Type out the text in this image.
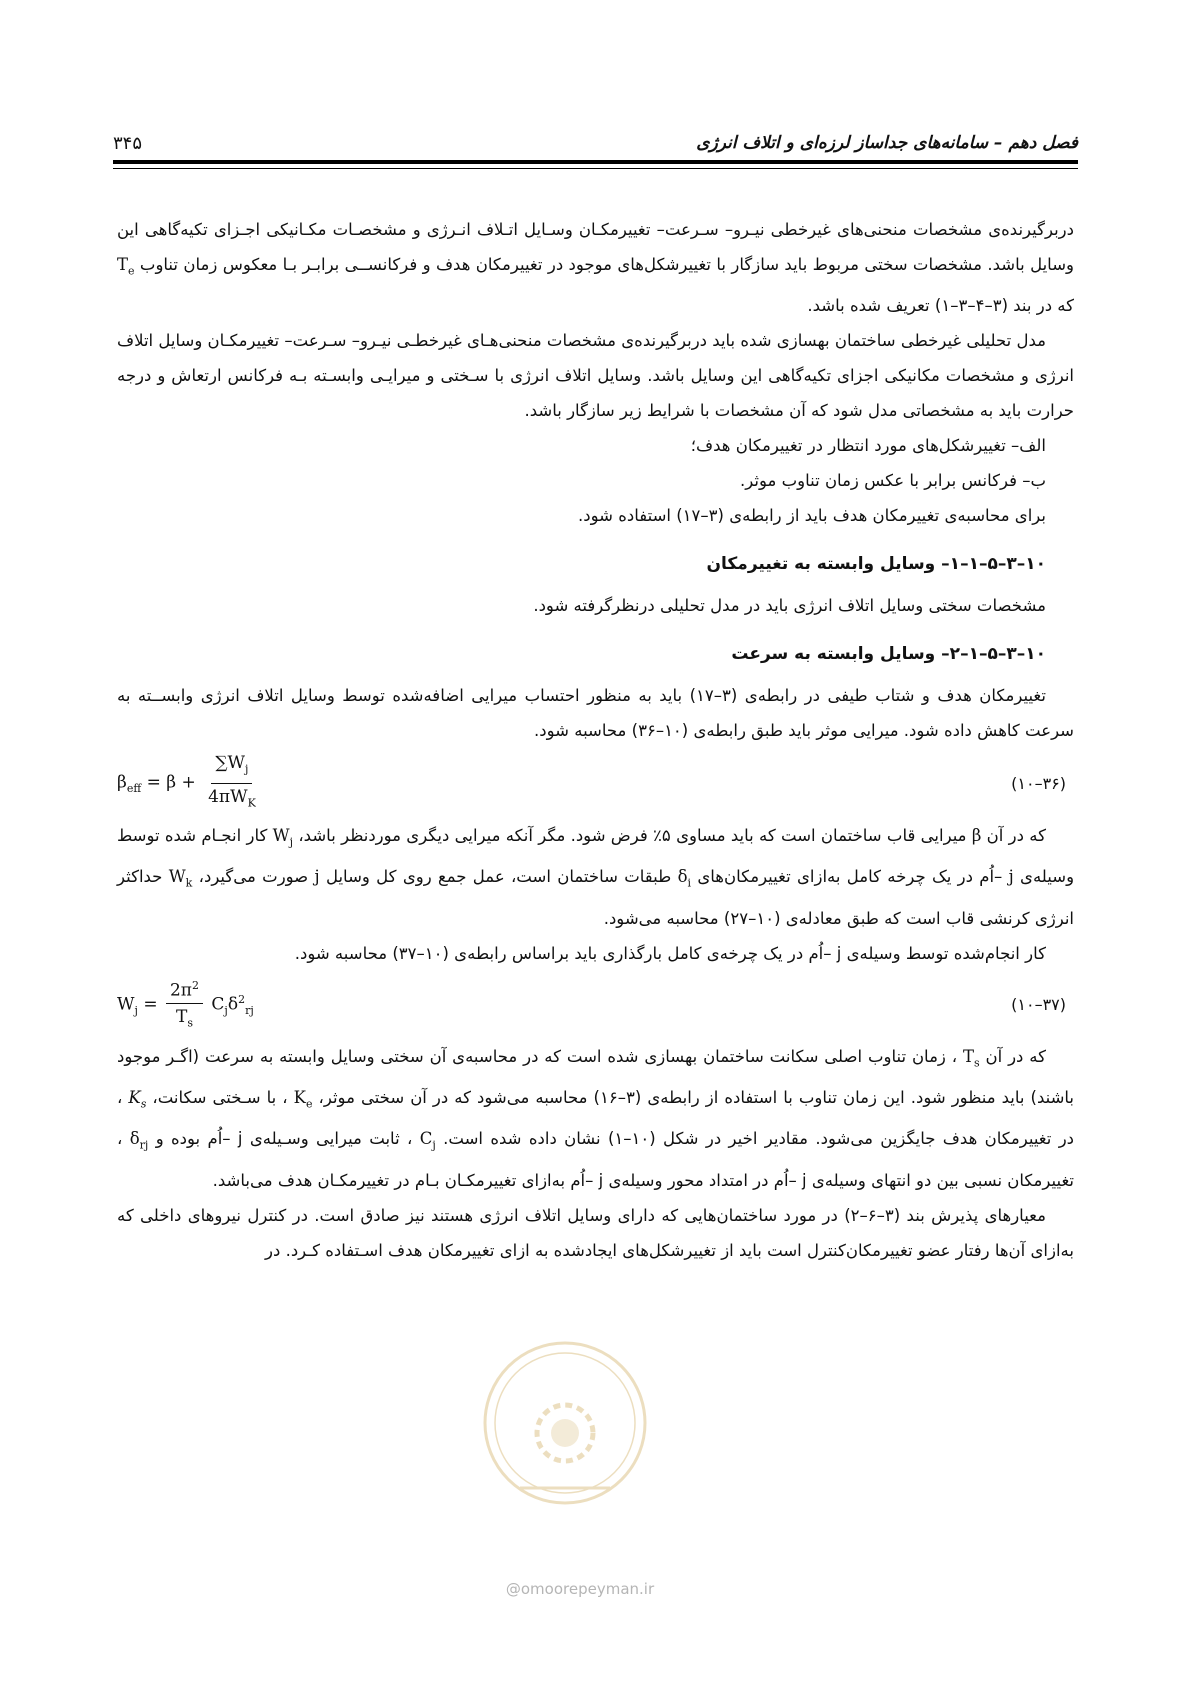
فصل دهم – سامانه‌های جداساز لرزه‌ای و اتلاف انرژی
۳۴۵

دربرگیرنده‌ی مشخصات منحنی‌های غیرخطی نیـرو– سـرعت– تغییرمکـان وسـایل اتـلاف انـرژی و مشخصـات مکـانیکی اجـزای تکیه‌گاهی این وسایل باشد. مشخصات سختی مربوط باید سازگار با تغییرشکل‌های موجود در تغییرمکان هدف و فرکانســی برابـر بـا معکوس زمان تناوب $T_e$ که در بند (۳–۴–۳–۱) تعریف شده باشد.

مدل تحلیلی غیرخطی ساختمان بهسازی شده باید دربرگیرنده‌ی مشخصات منحنی‌هـای غیرخطـی نیـرو– سـرعت– تغییرمکـان وسایل اتلاف انرژی و مشخصات مکانیکی اجزای تکیه‌گاهی این وسایل باشد. وسایل اتلاف انرژی با سـختی و میرایـی وابسـته بـه فرکانس ارتعاش و درجه حرارت باید به مشخصاتی مدل شود که آن مشخصات با شرایط زیر سازگار باشد.

الف– تغییرشکل‌های مورد انتظار در تغییرمکان هدف؛

ب– فرکانس برابر با عکس زمان تناوب موثر.

برای محاسبه‌ی تغییرمکان هدف باید از رابطه‌ی (۳–۱۷) استفاده شود.

۱۰–۳–۵–۱–۱– وسایل وابسته به تغییرمکان

مشخصات سختی وسایل اتلاف انرژی باید در مدل تحلیلی درنظرگرفته شود.

۱۰–۳–۵–۱–۲– وسایل وابسته به سرعت

تغییرمکان هدف و شتاب طیفی در رابطه‌ی (۳–۱۷) باید به منظور احتساب میرایی اضافه‌شده توسط وسایل اتلاف انرژی وابســته به سرعت کاهش داده شود. میرایی موثر باید طبق رابطه‌ی (۱۰–۳۶) محاسبه شود.

$\beta_{eff} = \beta + \frac{\sum W_j}{4\pi W_K}$	(۱۰–۳۶)

که در آن β میرایی قاب ساختمان است که باید مساوی ۵٪ فرض شود. مگر آنکه میرایی دیگری موردنظر باشد، $W_j$ کار انجـام شده توسط وسیله‌ی j –اُم در یک چرخه کامل به‌ازای تغییرمکان‌های $\delta_i$ طبقات ساختمان است، عمل جمع روی کل وسایل j صورت می‌گیرد، $W_k$ حداکثر انرژی کرنشی قاب است که طبق معادله‌ی (۱۰–۲۷) محاسبه می‌شود.

کار انجام‌شده توسط وسیله‌ی j –اُم در یک چرخه‌ی کامل بارگذاری باید براساس رابطه‌ی (۱۰–۳۷) محاسبه شود.

$W_j = \frac{2\pi^2}{T_s} C_j\delta^2_{rj}$	(۱۰–۳۷)

که در آن $T_s$ ، زمان تناوب اصلی سکانت ساختمان بهسازی شده است که در محاسبه‌ی آن سختی وسایل وابسته به سرعت (اگـر موجود باشند) باید منظور شود. این زمان تناوب با استفاده از رابطه‌ی (۳–۱۶) محاسبه می‌شود که در آن سختی موثر، $K_e$ ، با سـختی سکانت، $K_s$ ، در تغییرمکان هدف جایگزین می‌شود. مقادیر اخیر در شکل (۱۰–۱) نشان داده شده است. $C_j$ ، ثابت میرایی وسـیله‌ی j –اُم بوده و $\delta_{rj}$ ، تغییرمکان نسبی بین دو انتهای وسیله‌ی j –اُم در امتداد محور وسیله‌ی j –اُم به‌ازای تغییرمکـان بـام در تغییرمکـان هدف می‌باشد.

معیارهای پذیرش بند (۳–۶–۲) در مورد ساختمان‌هایی که دارای وسایل اتلاف انرژی هستند نیز صادق است. در کنترل نیروهای داخلی که به‌ازای آن‌ها رفتار عضو تغییرمکان‌کنترل است باید از تغییرشکل‌های ایجادشده به ازای تغییرمکان هدف اسـتفاده کـرد. در

@omoorepeyman.ir
